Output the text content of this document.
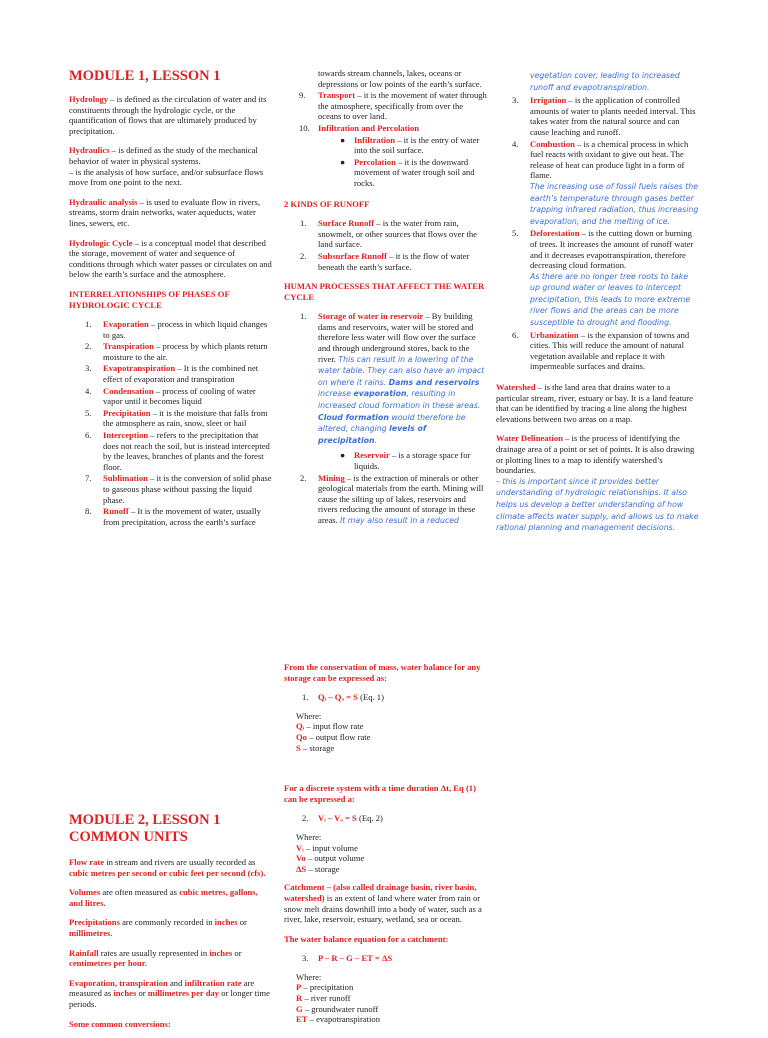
MODULE 1, LESSON 1

Hydrology – is defined as the circulation of water and its constituents through the hydrologic cycle, or the quantification of flows that are ultimately produced by precipitation.

Hydraulics – is defined as the study of the mechanical behavior of water in physical systems.
– is the analysis of how surface, and/or subsurface flows move from one point to the next.

Hydraulic analysis – is used to evaluate flow in rivers, streams, storm drain networks, water aqueducts, water lines, sewers, etc.

Hydrologic Cycle – is a conceptual model that described the storage, movement of water and sequence of conditions through which water passes or circulates on and below the earth’s surface and the atmosphere.

INTERRELATIONSHIPS OF PHASES OF HYDROLOGIC CYCLE
1. Evaporation – process in which liquid changes to gas.
2. Transpiration – process by which plants return moisture to the air.
3. Evapotranspiration – It is the combined net effect of evaporation and transpiration
4. Condensation – process of cooling of water vapor until it becomes liquid
5. Precipitation – it is the moisture that falls from the atmosphere as rain, snow, sleet or hail
6. Interception – refers to the precipitation that does not reach the soil, but is instead intercepted by the leaves, branches of plants and the forest floor.
7. Sublimation – it is the conversion of solid phase to gaseous phase without passing the liquid phase.
8. Runoff – It is the movement of water, usually from precipitation, across the earth’s surface
towards stream channels, lakes, oceans or depressions or low points of the earth’s surface.
9. Transport – it is the movement of water through the atmosphere, specifically from over the oceans to over land.
10. Infiltration and Percolation
● Infiltration – it is the entry of water into the soil surface.
● Percolation – it is the downward movement of water trough soil and rocks.
2 KINDS OF RUNOFF
1. Surface Runoff – is the water from rain, snowmelt, or other sources that flows over the land surface.
2. Subsurface Runoff – it is the flow of water beneath the earth’s surface.
HUMAN PROCESSES THAT AFFECT THE WATER CYCLE
1. Storage of water in reservoir – By building dams and reservoirs, water will be stored and therefore less water will flow over the surface and through underground stores, back to the river. This can result in a lowering of the water table. They can also have an impact on where it rains. Dams and reservoirs increase evaporation, resulting in increased cloud formation in these areas. Cloud formation would therefore be altered, changing levels of precipitation.
● Reservoir – is a storage space for liquids.
2. Mining – is the extraction of minerals or other geological materials from the earth. Mining will cause the silting up of lakes, reservoirs and rivers reducing the amount of storage in these areas. It may also result in a reduced
vegetation cover, leading to increased runoff and evapotranspiration.
3. Irrigation – is the application of controlled amounts of water to plants needed interval. This takes water from the natural source and can cause leaching and runoff.
4. Combustion – is a chemical process in which fuel reacts with oxidant to give out heat. The release of heat can produce light in a form of flame.
The increasing use of fossil fuels raises the earth’s temperature through gases better trapping infrared radiation, thus increasing evaporation, and the melting of ice.
5. Deforestation – is the cutting down or burning of trees. It increases the amount of runoff water and it decreases evapotranspiration, therefore decreasing cloud formation.
As there are no longer tree roots to take up ground water or leaves to intercept precipitation, this leads to more extreme river flows and the areas can be more susceptible to drought and flooding.
6. Urbanization – is the expansion of towns and cities. This will reduce the amount of natural vegetation available and replace it with impermeable surfaces and drains.

Watershed – is the land area that drains water to a particular stream, river, estuary or bay. It is a land feature that can be identified by tracing a line along the highest elevations between two areas on a map.

Water Delineation – is the process of identifying the drainage area of a point or set of points. It is also drawing or plotting lines to a map to identify watershed’s boundaries.
– this is important since it provides better understanding of hydrologic relationships. It also helps us develop a better understanding of how climate affects water supply, and allows us to make rational planning and management decisions.

From the conservation of mass, water balance for any storage can be expressed as:
1. Qᵢ – Qₒ = S (Eq. 1)
Where:
Qᵢ – input flow rate
Qo – output flow rate
S – storage
For a discrete system with a time duration Δt, Eq (1) can be expressed a:
2. Vᵢ – Vₒ = S (Eq. 2)
Where:
Vᵢ – input volume
Vo – output volume
ΔS – storage

Catchment – (also called drainage basin, river basin, watershed) is an extent of land where water from rain or snow melt drains downhill into a body of water, such as a river, lake, reservoir, estuary, wetland, sea or ocean.

The water balance equation for a catchment:
3. P – R – G – ET = ΔS
Where:
P – precipitation
R – river runoff
G – groundwater runoff
ET – evapotranspiration
MODULE 2, LESSON 1
COMMON UNITS

Flow rate in stream and rivers are usually recorded as cubic metres per second or cubic feet per second (cfs).

Volumes are often measured as cubic metres, gallons, and litres.

Precipitations are commonly recorded in inches or millimetres.

Rainfall rates are usually represented in inches or centimetres per hour.

Evaporation, transpiration and infiltration rate are measured as inches or millimetres per day or longer time periods.

Some common conversions:
